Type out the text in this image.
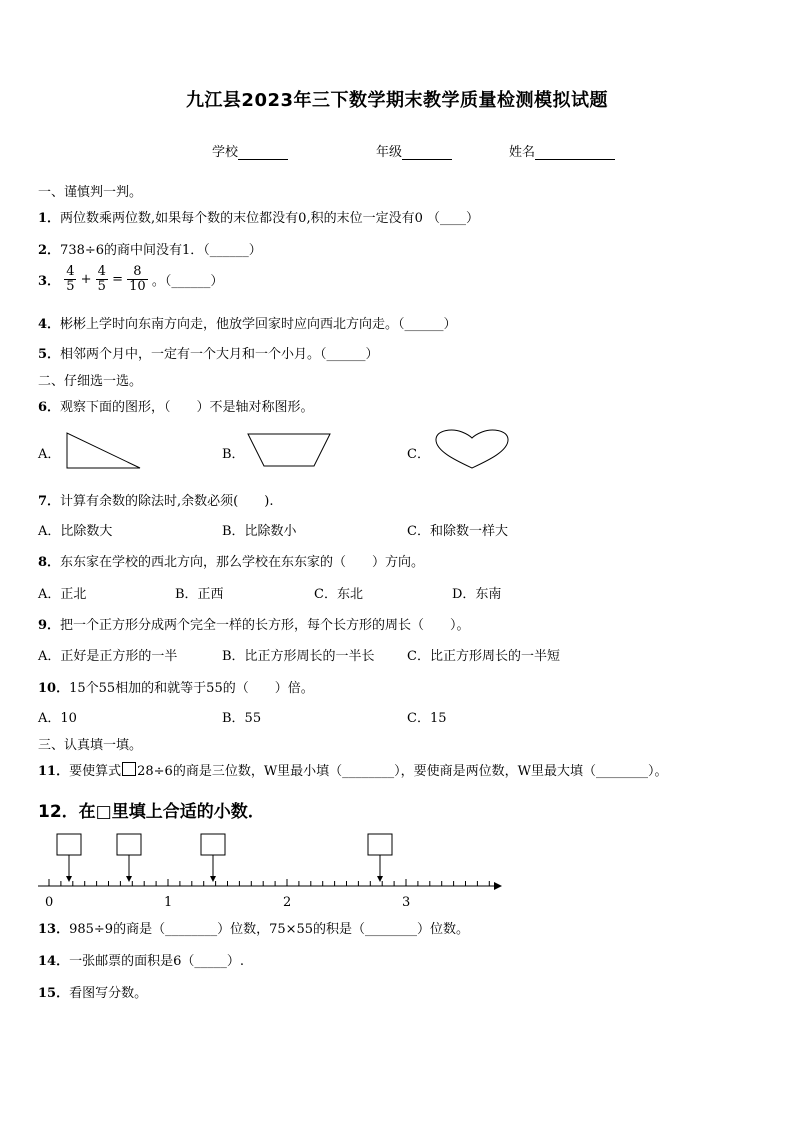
九江县2023年三下数学期末教学质量检测模拟试题
学校	年级	姓名
一、谨慎判一判。
1．两位数乘两位数,如果每个数的末位都没有0,积的末位一定没有0 （____）
2．738÷6的商中间没有1．（______）
3． $\frac{4}{5} + \frac{4}{5} = \frac{8}{10}$ 。（______）
4．彬彬上学时向东南方向走，他放学回家时应向西北方向走。（______）
5．相邻两个月中，一定有一个大月和一个小月。（______）
二、仔细选一选。
6．观察下面的图形，（　　）不是轴对称图形。
A．	B．	C．
7．计算有余数的除法时,余数必须(　　).
A．比除数大	B．比除数小	C．和除数一样大
8．东东家在学校的西北方向，那么学校在东东家的（　　）方向。
A．正北	B．正西	C．东北	D．东南
9．把一个正方形分成两个完全一样的长方形，每个长方形的周长（　　）。
A．正好是正方形的一半	B．比正方形周长的一半长 C．比正方形周长的一半短
10．15个55相加的和就等于55的（　　）倍。
A．10	B．55	C．15
三、认真填一填。
11．要使算式 28÷6的商是三位数，W里最小填（________），要使商是两位数，W里最大填（________）。
12．在□里填上合适的小数．
0	1	2	3
13．985÷9的商是（________）位数，75×55的积是（________）位数。
14．一张邮票的面积是6（_____）.
15．看图写分数。
